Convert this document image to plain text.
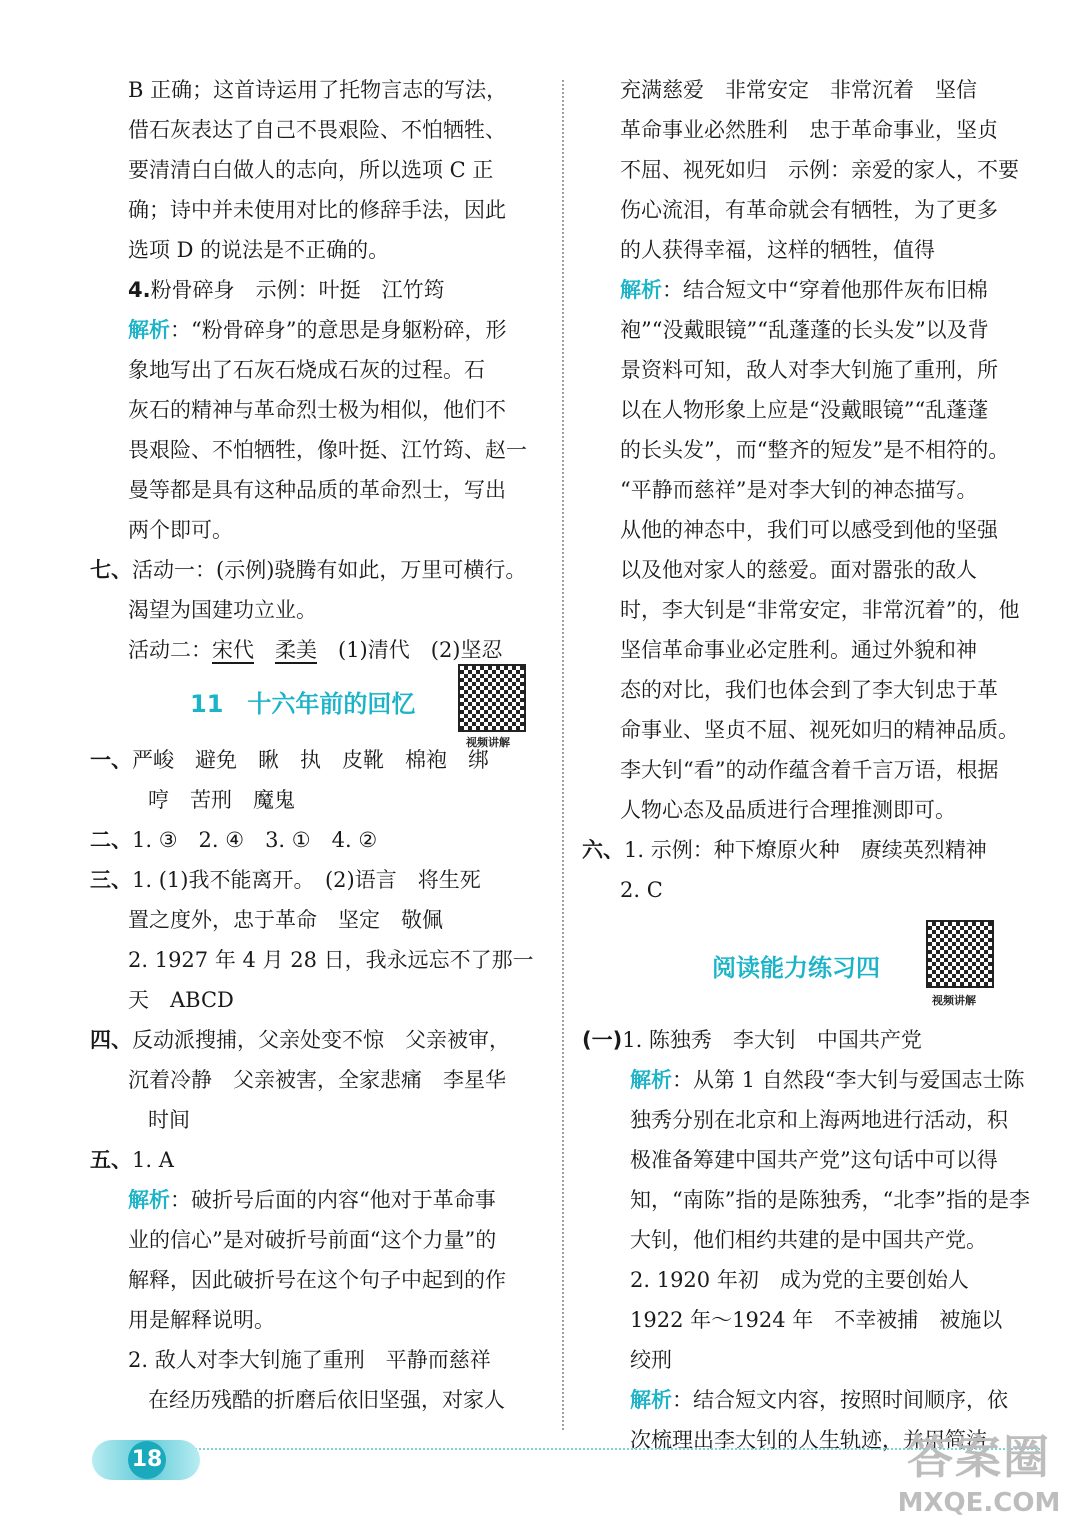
B 正确；这首诗运用了托物言志的写法，
借石灰表达了自己不畏艰险、不怕牺牲、
要清清白白做人的志向，所以选项 C 正
确；诗中并未使用对比的修辞手法，因此
选项 D 的说法是不正确的。
4.粉骨碎身　示例：叶挺　江竹筠
解析：“粉骨碎身”的意思是身躯粉碎，形
象地写出了石灰石烧成石灰的过程。石
灰石的精神与革命烈士极为相似，他们不
畏艰险、不怕牺牲，像叶挺、江竹筠、赵一
曼等都是具有这种品质的革命烈士，写出
两个即可。
七、活动一：(示例)骁腾有如此，万里可横行。
渴望为国建功立业。
活动二：宋代　 柔美　(1)清代　(2)坚忍
11　十六年前的回忆
视频讲解
一、严峻　避免　瞅　执　皮靴　棉袍　绑
哼　苦刑　魔鬼
二、1. ③　2. ④　3. ①　4. ②
三、1. (1)我不能离开。　(2)语言　将生死
置之度外，忠于革命　坚定　敬佩
2. 1927 年 4 月 28 日，我永远忘不了那一
天　ABCD
四、反动派搜捕，父亲处变不惊　父亲被审，
沉着冷静　父亲被害，全家悲痛　李星华
时间
五、1. A
解析：破折号后面的内容“他对于革命事
业的信心”是对破折号前面“这个力量”的
解释，因此破折号在这个句子中起到的作
用是解释说明。
2. 敌人对李大钊施了重刑　平静而慈祥
在经历残酷的折磨后依旧坚强，对家人
充满慈爱　非常安定　非常沉着　坚信
革命事业必然胜利　忠于革命事业，坚贞
不屈、视死如归　示例：亲爱的家人，不要
伤心流泪，有革命就会有牺牲，为了更多
的人获得幸福，这样的牺牲，值得
解析：结合短文中“穿着他那件灰布旧棉
袍”“没戴眼镜”“乱蓬蓬的长头发”以及背
景资料可知，敌人对李大钊施了重刑，所
以在人物形象上应是“没戴眼镜”“乱蓬蓬
的长头发”，而“整齐的短发”是不相符的。
“平静而慈祥”是对李大钊的神态描写。
从他的神态中，我们可以感受到他的坚强
以及他对家人的慈爱。面对嚣张的敌人
时，李大钊是“非常安定，非常沉着”的，他
坚信革命事业必定胜利。通过外貌和神
态的对比，我们也体会到了李大钊忠于革
命事业、坚贞不屈、视死如归的精神品质。
李大钊“看”的动作蕴含着千言万语，根据
人物心态及品质进行合理推测即可。
六、1. 示例：种下燎原火种　赓续英烈精神
2. C
阅读能力练习四
视频讲解
(一)1. 陈独秀　李大钊　中国共产党
解析：从第 1 自然段“李大钊与爱国志士陈
独秀分别在北京和上海两地进行活动，积
极准备筹建中国共产党”这句话中可以得
知，“南陈”指的是陈独秀，“北李”指的是李
大钊，他们相约共建的是中国共产党。
2. 1920 年初　成为党的主要创始人
1922 年～1924 年　不幸被捕　被施以
绞刑
解析：结合短文内容，按照时间顺序，依
次梳理出李大钊的人生轨迹，并用简洁
18	答案圈
MXQE.COM
